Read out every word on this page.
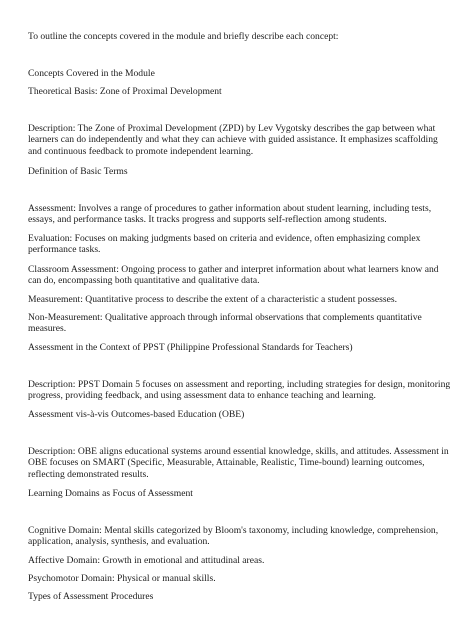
To outline the concepts covered in the module and briefly describe each concept:
Concepts Covered in the Module
Theoretical Basis: Zone of Proximal Development
Description: The Zone of Proximal Development (ZPD) by Lev Vygotsky describes the gap between what learners can do independently and what they can achieve with guided assistance. It emphasizes scaffolding and continuous feedback to promote independent learning.
Definition of Basic Terms
Assessment: Involves a range of procedures to gather information about student learning, including tests, essays, and performance tasks. It tracks progress and supports self-reflection among students.
Evaluation: Focuses on making judgments based on criteria and evidence, often emphasizing complex performance tasks.
Classroom Assessment: Ongoing process to gather and interpret information about what learners know and can do, encompassing both quantitative and qualitative data.
Measurement: Quantitative process to describe the extent of a characteristic a student possesses.
Non-Measurement: Qualitative approach through informal observations that complements quantitative measures.
Assessment in the Context of PPST (Philippine Professional Standards for Teachers)
Description: PPST Domain 5 focuses on assessment and reporting, including strategies for design, monitoring progress, providing feedback, and using assessment data to enhance teaching and learning.
Assessment vis-à-vis Outcomes-based Education (OBE)
Description: OBE aligns educational systems around essential knowledge, skills, and attitudes. Assessment in OBE focuses on SMART (Specific, Measurable, Attainable, Realistic, Time-bound) learning outcomes, reflecting demonstrated results.
Learning Domains as Focus of Assessment
Cognitive Domain: Mental skills categorized by Bloom's taxonomy, including knowledge, comprehension, application, analysis, synthesis, and evaluation.
Affective Domain: Growth in emotional and attitudinal areas.
Psychomotor Domain: Physical or manual skills.
Types of Assessment Procedures
